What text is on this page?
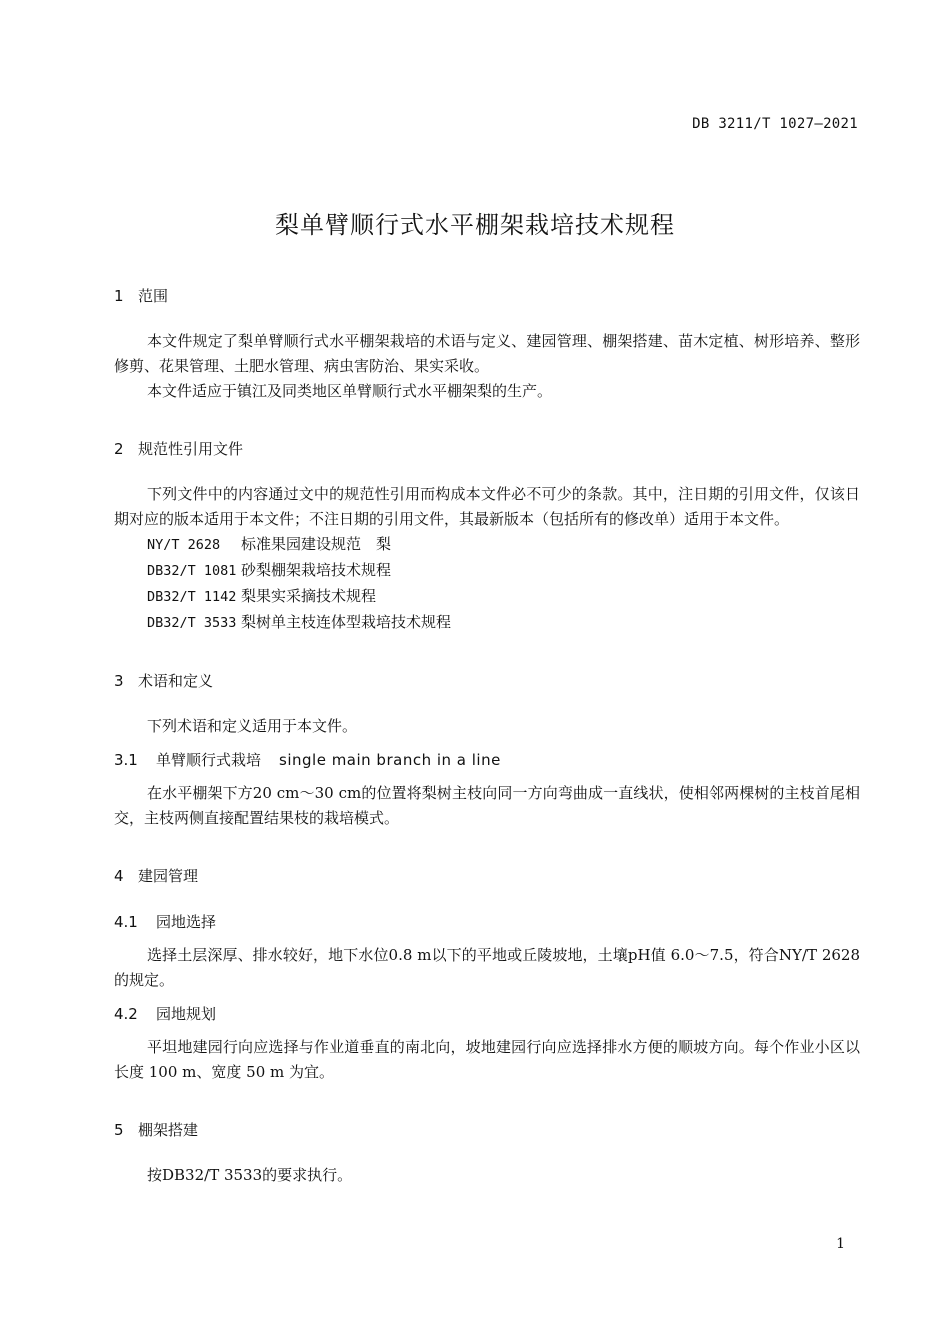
DB 3211/T 1027—2021
梨单臂顺行式水平棚架栽培技术规程
1 范围

本文件规定了梨单臂顺行式水平棚架栽培的术语与定义、建园管理、棚架搭建、苗木定植、树形培养、整形修剪、花果管理、土肥水管理、病虫害防治、果实采收。

本文件适应于镇江及同类地区单臂顺行式水平棚架梨的生产。

2 规范性引用文件

下列文件中的内容通过文中的规范性引用而构成本文件必不可少的条款。其中，注日期的引用文件，仅该日期对应的版本适用于本文件；不注日期的引用文件，其最新版本（包括所有的修改单）适用于本文件。

NY/T 2628 标准果园建设规范　梨
DB32/T 1081 砂梨棚架栽培技术规程
DB32/T 1142 梨果实采摘技术规程
DB32/T 3533 梨树单主枝连体型栽培技术规程
3 术语和定义

下列术语和定义适用于本文件。

3.1 单臂顺行式栽培 single main branch in a line

在水平棚架下方20 cm～30 cm的位置将梨树主枝向同一方向弯曲成一直线状，使相邻两棵树的主枝首尾相交，主枝两侧直接配置结果枝的栽培模式。

4 建园管理
4.1 园地选择

选择土层深厚、排水较好，地下水位0.8 m以下的平地或丘陵坡地，土壤pH值 6.0～7.5，符合NY/T 2628的规定。

4.2 园地规划

平坦地建园行向应选择与作业道垂直的南北向，坡地建园行向应选择排水方便的顺坡方向。每个作业小区以长度 100 m、宽度 50 m 为宜。

5 棚架搭建

按DB32/T 3533的要求执行。

1
